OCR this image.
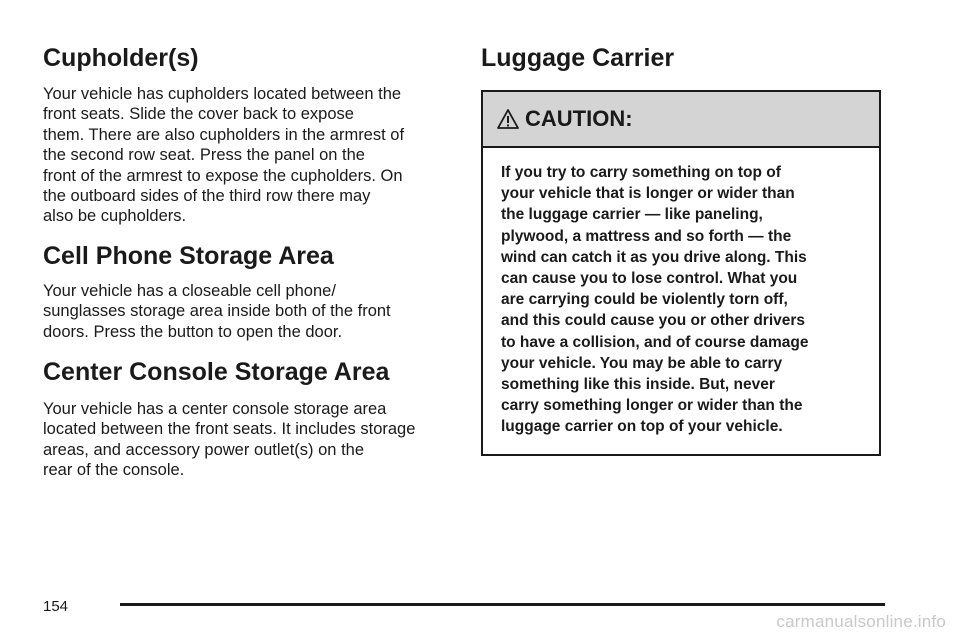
Cupholder(s)

Your vehicle has cupholders located between the
front seats. Slide the cover back to expose
them. There are also cupholders in the armrest of
the second row seat. Press the panel on the
front of the armrest to expose the cupholders. On
the outboard sides of the third row there may
also be cupholders.

Cell Phone Storage Area

Your vehicle has a closeable cell phone/
sunglasses storage area inside both of the front
doors. Press the button to open the door.

Center Console Storage Area

Your vehicle has a center console storage area
located between the front seats. It includes storage
areas, and accessory power outlet(s) on the
rear of the console.

Luggage Carrier
CAUTION:
If you try to carry something on top of
your vehicle that is longer or wider than
the luggage carrier — like paneling,
plywood, a mattress and so forth — the
wind can catch it as you drive along. This
can cause you to lose control. What you
are carrying could be violently torn off,
and this could cause you or other drivers
to have a collision, and of course damage
your vehicle. You may be able to carry
something like this inside. But, never
carry something longer or wider than the
luggage carrier on top of your vehicle.
154
carmanualsonline.info
